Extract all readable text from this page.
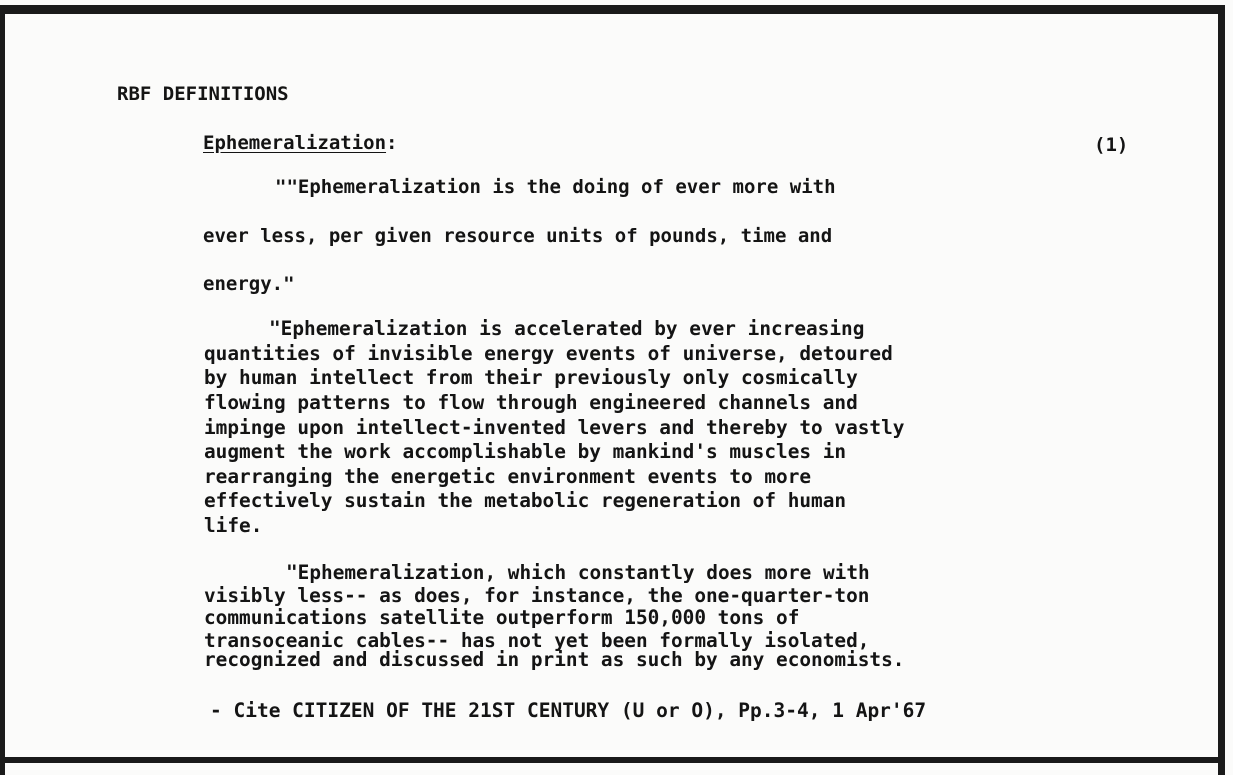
RBF DEFINITIONS
Ephemeralization:	(1)
""Ephemeralization is the doing of ever more with
ever less, per given resource units of pounds, time and
energy."
"Ephemeralization is accelerated by ever increasing
quantities of invisible energy events of universe, detoured
by human intellect from their previously only cosmically
flowing patterns to flow through engineered channels and
impinge upon intellect-invented levers and thereby to vastly
augment the work accomplishable by mankind's muscles in
rearranging the energetic environment events to more
effectively sustain the metabolic regeneration of human
life.
"Ephemeralization, which constantly does more with
visibly less-- as does, for instance, the one-quarter-ton
communications satellite outperform 150,000 tons of
transoceanic cables-- has not yet been formally isolated,
recognized and discussed in print as such by any economists.
- Cite CITIZEN OF THE 21ST CENTURY (U or O), Pp.3-4, 1 Apr'67
